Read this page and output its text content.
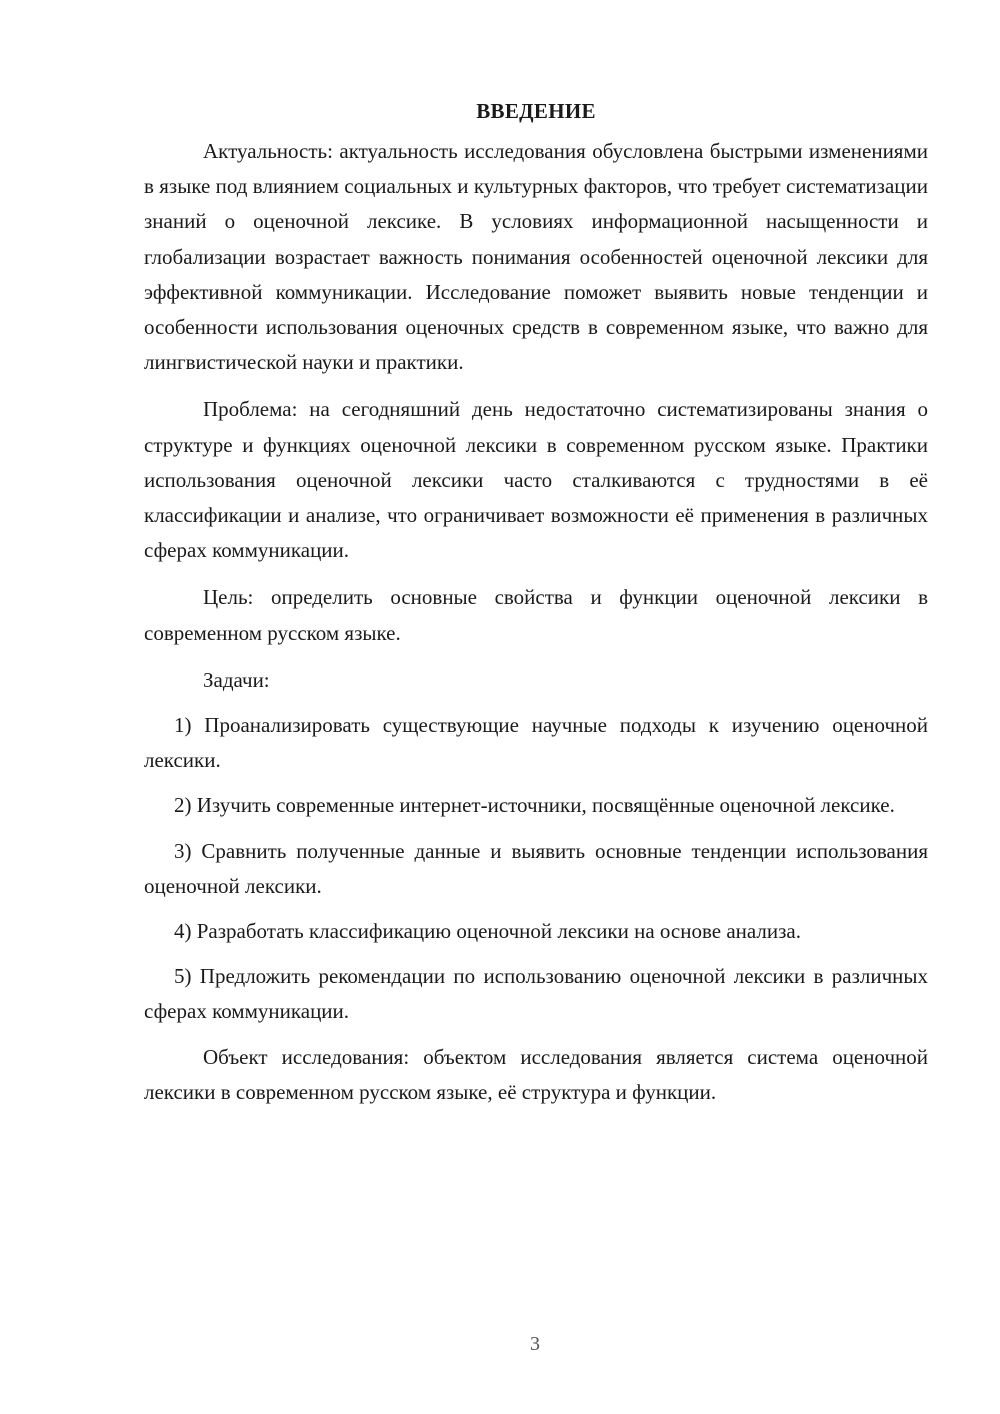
ВВЕДЕНИЕ

Актуальность: актуальность исследования обусловлена быстрыми изменениями в языке под влиянием социальных и культурных факторов, что требует систематизации знаний о оценочной лексике. В условиях информационной насыщенности и глобализации возрастает важность понимания особенностей оценочной лексики для эффективной коммуникации. Исследование поможет выявить новые тенденции и особенности использования оценочных средств в современном языке, что важно для лингвистической науки и практики.

Проблема: на сегодняшний день недостаточно систематизированы знания о структуре и функциях оценочной лексики в современном русском языке. Практики использования оценочной лексики часто сталкиваются с трудностями в её классификации и анализе, что ограничивает возможности её применения в различных сферах коммуникации.

Цель: определить основные свойства и функции оценочной лексики в современном русском языке.

Задачи:

1) Проанализировать существующие научные подходы к изучению оценочной лексики.

2) Изучить современные интернет-источники, посвящённые оценочной лексике.

3) Сравнить полученные данные и выявить основные тенденции использования оценочной лексики.

4) Разработать классификацию оценочной лексики на основе анализа.

5) Предложить рекомендации по использованию оценочной лексики в различных сферах коммуникации.

Объект исследования: объектом исследования является система оценочной лексики в современном русском языке, её структура и функции.

3
